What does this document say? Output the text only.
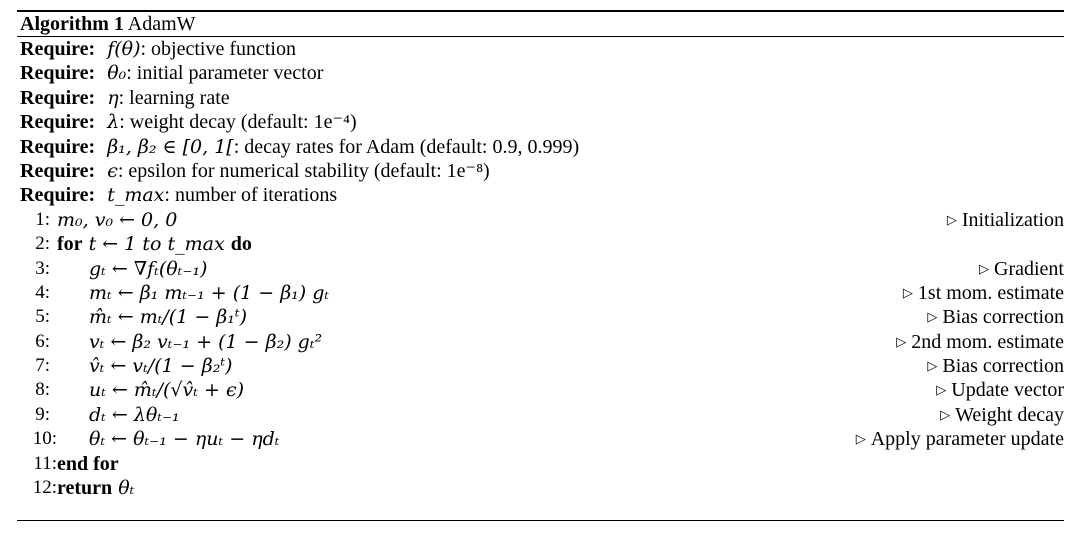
Algorithm 1 AdamW
Require: f(θ): objective function
Require: θ₀: initial parameter vector
Require: η: learning rate
Require: λ: weight decay (default: 1e⁻⁴)
Require: β₁, β₂ ∈ [0, 1[: decay rates for Adam (default: 0.9, 0.999)
Require: ϵ: epsilon for numerical stability (default: 1e⁻⁸)
Require: t_max: number of iterations
1: m₀, v₀ ← 0, 0	▷ Initialization
2: for t ← 1 to t_max do
3: gₜ ← ∇fₜ(θₜ₋₁)	▷ Gradient
4: mₜ ← β₁ mₜ₋₁ + (1 − β₁) gₜ	▷ 1st mom. estimate
5: m̂ₜ ← mₜ/(1 − β₁ᵗ)	▷ Bias correction
6: vₜ ← β₂ vₜ₋₁ + (1 − β₂) gₜ²	▷ 2nd mom. estimate
7: v̂ₜ ← vₜ/(1 − β₂ᵗ)	▷ Bias correction
8: uₜ ← m̂ₜ/(√v̂ₜ + ϵ)	▷ Update vector
9: dₜ ← λθₜ₋₁	▷ Weight decay
10: θₜ ← θₜ₋₁ − ηuₜ − ηdₜ	▷ Apply parameter update
11: end for
12: return θₜ
